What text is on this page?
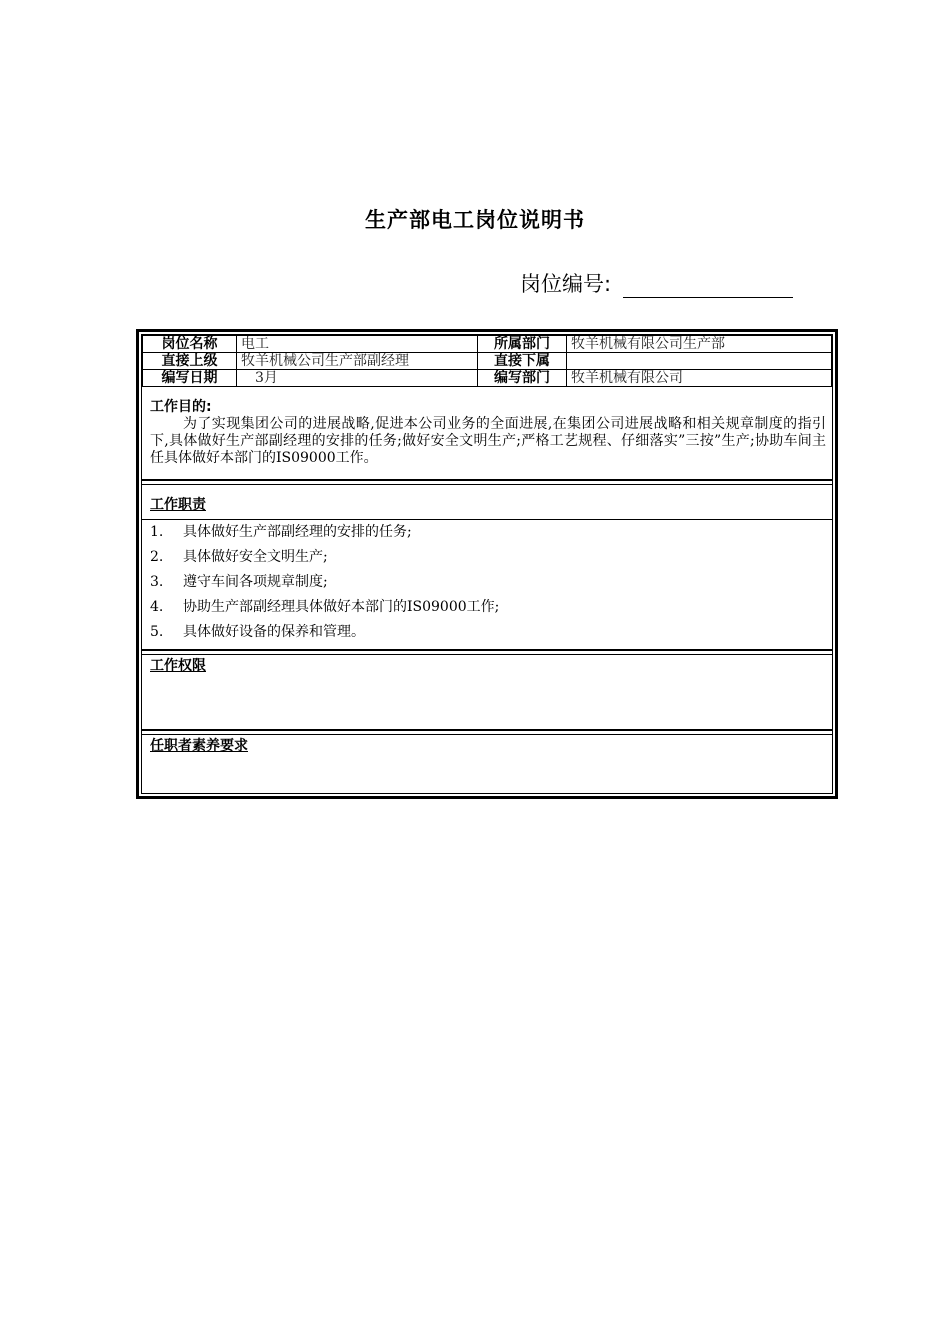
生产部电工岗位说明书
岗位编号:
岗位名称	电工	所属部门	牧羊机械有限公司生产部
直接上级	牧羊机械公司生产部副经理	直接下属	
编写日期	3月	编写部门	牧羊机械有限公司
工作目的:
为了实现集团公司的进展战略,促进本公司业务的全面进展,在集团公司进展战略和相关规章制度的指引下,具体做好生产部副经理的安排的任务;做好安全文明生产;严格工艺规程、仔细落实”三按”生产;协助车间主任具体做好本部门的IS09000工作。
工作职责
1.	具体做好生产部副经理的安排的任务;
2.	具体做好安全文明生产;
3.	遵守车间各项规章制度;
4.	协助生产部副经理具体做好本部门的IS09000工作;
5.	具体做好设备的保养和管理。
工作权限
任职者素养要求
